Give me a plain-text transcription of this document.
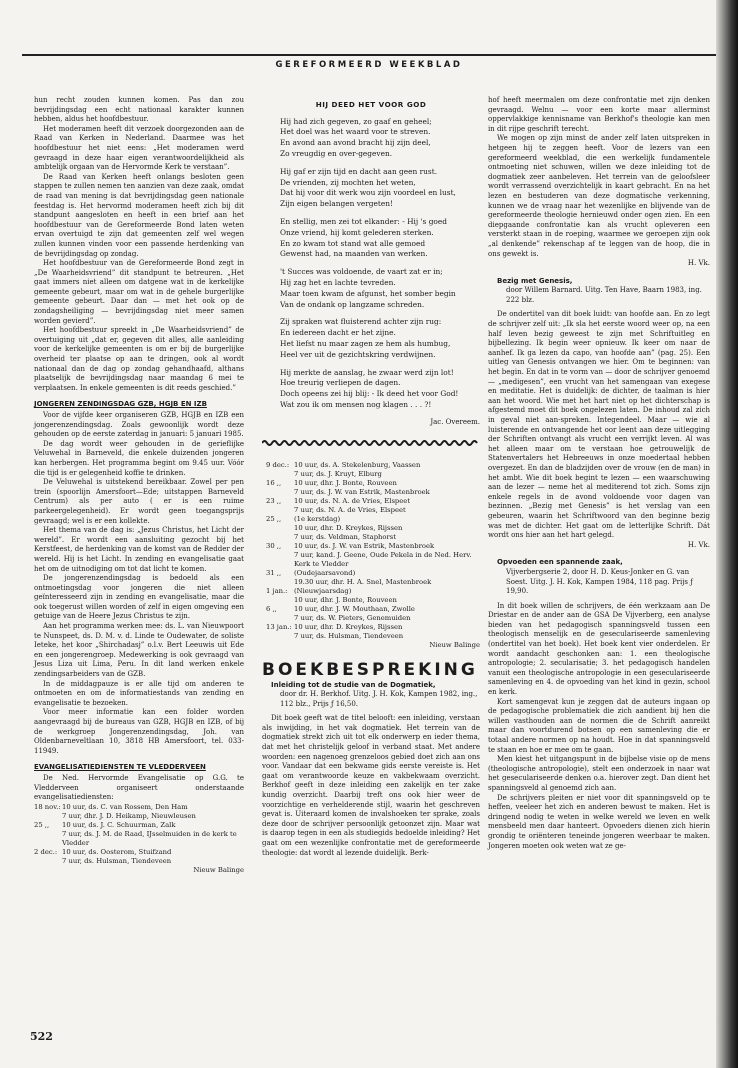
GEREFORMEERD WEEKBLAD

hun recht zouden kunnen komen. Pas dan zou bevrijdingsdag een echt nationaal karakter kunnen hebben, aldus het hoofdbestuur.

Het moderamen heeft dit verzoek doorgezonden aan de Raad van Kerken in Nederland. Daarmee was het hoofdbestuur het niet eens: „Het moderamen werd gevraagd in deze haar eigen verantwoordelijkheid als ambtelijk orgaan van de Hervormde Kerk te verstaan”.

De Raad van Kerken heeft onlangs besloten geen stappen te zullen nemen ten aanzien van deze zaak, omdat de raad van mening is dat bevrijdingsdag geen nationale feestdag is. Het hervormd moderamen heeft zich bij dit standpunt aangesloten en heeft in een brief aan het hoofdbestuur van de Gereformeerde Bond laten weten ervan overtuigd te zijn dat gemeenten zelf wel wegen zullen kunnen vinden voor een passende herdenking van de bevrijdingsdag op zondag.

Het hoofdbestuur van de Gereformeerde Bond zegt in „De Waarheidsvriend” dit standpunt te betreuren. „Het gaat immers niet alleen om datgene wat in de kerkelijke gemeente gebeurt, maar om wat in de gehele burgerlijke gemeente gebeurt. Daar dan — met het ook op de zondagsheiliging — bevrijdingsdag niet meer samen worden gevierd”.

Het hoofdbestuur spreekt in „De Waarheidsvriend” de overtuiging uit „dat er, gegeven dit alles, alle aanleiding voor de kerkelijke gemeenten is om er bij de burgerlijke overheid ter plaatse op aan te dringen, ook al wordt nationaal dan de dag op zondag gehandhaafd, althans plaatselijk de bevrijdingsdag naar maandag 6 mei te verplaatsen. In enkele gemeenten is dit reeds geschied.”

JONGEREN ZENDINGSDAG GZB, HGJB EN IZB

Voor de vijfde keer organiseren GZB, HGJB en IZB een jongerenzendingsdag. Zoals gewoonlijk wordt deze gehouden op de eerste zaterdag in januari: 5 januari 1985.

De dag wordt weer gehouden in de gerieflijke Veluwehal in Barneveld, die enkele duizenden jongeren kan herbergen. Het programma begint om 9.45 uur. Vóór die tijd is er gelegenheid koffie te drinken.

De Veluwehal is uitstekend bereikbaar. Zowel per pen trein (spoorlijn Amersfoort—Ede; uitstappen Barneveld Centrum) als per auto ( er is een ruime parkeergelegenheid). Er wordt geen toegangsprijs gevraagd; wel is er een kollekte.

Het thema van de dag is: „Jezus Christus, het Licht der wereld”. Er wordt een aansluiting gezocht bij het Kerstfeest, de herdenking van de komst van de Redder der wereld. Hij is het Licht. In zending en evangelisatie gaat het om de uitnodiging om tot dat licht te komen.

De jongerenzendingsdag is bedoeld als een ontmoetingsdag voor jongeren die niet alleen geïnteresseerd zijn in zending en evangelisatie, maar die ook toegerust willen worden of zelf in eigen omgeving een getuige van de Heere Jezus Christus te zijn.

Aan het programma werken mee: ds. L. van Nieuwpoort te Nunspeet, ds. D. M. v. d. Linde te Oudewater, de soliste Ieteke, het koor „Shirchadasj” o.l.v. Bert Leeuwis uit Ede en een jongerengroep. Medewerking is ook gevraagd van Jesus Liza uit Lima, Peru. In dit land werken enkele zendingsarbeiders van de GZB.

In de middagpauze is er alle tijd om anderen te ontmoeten en om de informatiestands van zending en evangelisatie te bezoeken.

Voor meer informatie kan een folder worden aangevraagd bij de bureaus van GZB, HGJB en IZB, of bij de werkgroep Jongerenzendingsdag, Joh. van Oldenbarneveltlaan 10, 3818 HB Amersfoort, tel. 033-11949.

EVANGELISATIEDIENSTEN TE VLEDDERVEEN

De Ned. Hervormde Evangelisatie op G.G. te Vledderveen organiseert onderstaande evangelisatiediensten:

18 nov.: 10 uur, ds. C. van Rossem, Den Ham
7 uur, dhr. J. D. Heikamp, Nieuwleusen
25 ,,	10 uur, ds. J. C. Schuurman, Zalk
7 uur, ds. J. M. de Raad, IJsselmuiden in de kerk te Vledder
2 dec.: 10 uur, ds. Oosterom, Stuifzand
7 uur, ds. Hulsman, Tiendeveen
Nieuw Balinge
HIJ DEED HET VOOR GOD
Hij had zich gegeven, zo gaaf en geheel;
Het doel was het waard voor te streven.
En avond aan avond bracht hij zijn deel,
Zo vreugdig en over-gegeven.
Hij gaf er zijn tijd en dacht aan geen rust.
De vrienden, zij mochten het weten,
Dat hij voor dit werk wou zijn voordeel en lust,
Zijn eigen belangen vergeten!
En stellig, men zei tot elkander: - Hij 's goed
Onze vriend, hij komt gelederen sterken.
En zo kwam tot stand wat alle gemoed
Gewenst had, na maanden van werken.
't Succes was voldoende, de vaart zat er in;
Hij zag het en lachte tevreden.
Maar toen kwam de afgunst, het somber begin
Van de ondank op langzame schreden.
Zij spraken wat fluisterend achter zijn rug:
En iedereen dacht er het zijne.
Het liefst nu maar zagen ze hem als humbug,
Heel ver uit de gezichtskring verdwijnen.
Hij merkte de aanslag, he zwaar werd zijn lot!
Hoe treurig verliepen de dagen.
Doch opeens zei hij blij: - Ik deed het voor God!
Wat zou ik om mensen nog klagen . . . ?!
Jac. Overeem.
9 dec.: 10 uur, ds. A. Stekelenburg, Vaassen
7 uur, ds. J. Kruyt, Elburg
16 ,,	10 uur, dhr. J. Bonte, Rouveen
7 uur, ds. J. W. van Estrik, Mastenbroek
23 ,,	10 uur, ds. N. A. de Vries, Elspeet
7 uur, ds. N. A. de Vries, Elspeet
25 ,,	(1e kerstdag)
10 uur, dhr. D. Kreykes, Rijssen
7 uur, ds. Veldman, Staphorst
30 ,,	10 uur, ds. J. W. van Estrik, Mastenbroek
7 uur, kand. J. Geene, Oude Pekela in de Ned. Herv. Kerk te Vledder
31 ,,	(Oudejaarsavond)
19.30 uur, dhr. H. A. Snel, Mastenbroek
1 jan.: (Nieuwjaarsdag)
10 uur, dhr. J. Bonte, Rouveen
6 ,,	10 uur, dhr. J. W. Mouthaan, Zwolle
7 uur, ds. W. Pieters, Genemuiden
13 jan.: 10 uur, dhr. D. Kreykes, Rijssen
7 uur, ds. Hulsman, Tiendeveen
Nieuw Balinge
BOEKBESPREKING
Inleiding tot de studie van de Dogmatiek,
door dr. H. Berkhof. Uitg. J. H. Kok, Kampen 1982, ing., 112 blz., Prijs ƒ 16,50.

Dit boek geeft wat de titel belooft: een inleiding, verstaan als inwijding, in het vak dogmatiek. Het terrein van de dogmatiek strekt zich uit tot elk onderwerp en ieder thema, dat met het christelijk geloof in verband staat. Met andere woorden: een nagenoeg grenzeloos gebied doet zich aan ons voor. Vandaar dat een bekwame gids eerste vereiste is. Het gaat om verantwoorde keuze en vakbekwaam overzicht. Berkhof geeft in deze inleiding een zakelijk en ter zake kundig overzicht. Daarbij treft ons ook hier weer de voorzichtige en verhelderende stijl, waarin het geschreven gevat is. Uiteraard komen de invalshoeken ter sprake, zoals deze door de schrijver persoonlijk getoonzet zijn. Maar wat is daarop tegen in een als studiegids bedoelde inleiding? Het gaat om een wezenlijke confrontatie met de gereformeerde theologie: dat wordt al lezende duidelijk. Berk-

hof heeft meermalen om deze confrontatie met zijn denken gevraagd. Welnu — voor een korte maar allerminst oppervlakkige kennisname van Berkhof's theologie kan men in dit rijpe geschrift terecht.

We mogen op zijn minst de ander zelf laten uitspreken in hetgeen hij te zeggen heeft. Voor de lezers van een gereformeerd weekblad, die een werkelijk fundamentele ontmoeting niet schuwen, willen we deze inleiding tot de dogmatiek zeer aanbeleven. Het terrein van de geloofsleer wordt verrassend overzichtelijk in kaart gebracht. En na het lezen en bestuderen van deze dogmatische verkenning, kunnen we de vraag naar het wezenlijke en blijvende van de gereformeerde theologie hernieuwd onder ogen zien. En een diepgaande confrontatie kan als vrucht opleveren een versterkt staan in de roeping, waarmee we geroepen zijn ook „al denkende” rekenschap af te leggen van de hoop, die in ons gewekt is.

H. Vk.
Bezig met Genesis,
door Willem Barnard. Uitg. Ten Have, Baarn 1983, ing. 222 blz.

De ondertitel van dit boek luidt: van hoofde aan. En zo legt de schrijver zelf uit: „Ik sla het eerste woord weer op, na een half leven bezig geweest te zijn met Schriftuitleg en bijbellezing. Ik begin weer opnieuw. Ik keer om naar de aanhef. Ik ga lezen da capo, van hoofde aan” (pag. 25). Een uitleg van Genesis ontvangen we hier. Om te beginnen: van het begin. En dat in te vorm van — door de schrijver genoemd — „medigesen”, een vrucht van het samengaan van exegese en meditatie. Het is duidelijk: de dichter, de taalman is hier aan het woord. Wie met het hart niet op het dichterschap is afgestemd moet dit boek ongelezen laten. De inhoud zal zich in geval niet aan-spreken. Integendeel. Maar — wie al luisterende en ontvangende het oor leent aan deze uitlegging der Schriften ontvangt als vrucht een verrijkt leven. Al was het alleen maar om te verstaan hoe getrouwelijk de Statenvertalers het Hebreeuws in onze moedertaal hebben overgezet. En dan de bladzijden over de vrouw (en de man) in het ambt. Wie dit boek begint te lezen — een waarschuwing aan de lezer — neme het al mediterend tot zich. Soms zijn enkele regels in de avond voldoende voor dagen van bezinnen. „Bezig met Genesis” is het verslag van een gebeuren, waarin het Schriftwoord van den beginne bezig was met de dichter. Het gaat om de letterlijke Schrift. Dát wordt ons hier aan het hart gelegd.

H. Vk.
Opvoeden een spannende zaak,
Vijverbergserie 2, door H. D. Keus-Jonker en G. van Soest. Uitg. J. H. Kok, Kampen 1984, 118 pag. Prijs ƒ 19,90.

In dit boek willen de schrijvers, de één werkzaam aan De Driestar en de ander aan de GSA De Vijverberg, een analyse bieden van het pedagogisch spanningsveld tussen een theologisch menselijk en de geseculariseerde samenleving (ondertitel van het boek). Het boek kent vier onderdelen. Er wordt aandacht geschonken aan: 1. een theologische antropologie; 2. secularisatie; 3. het pedagogisch handelen vanuit een theologische antropologie in een geseculariseerde samenleving en 4. de opvoeding van het kind in gezin, school en kerk.

Kort samengevat kun je zeggen dat de auteurs ingaan op de pedagogische problematiek die zich aandient bij hen die willen vasthouden aan de normen die de Schrift aanreikt maar dan voortdurend botsen op een samenleving die er totaal andere normen op na houdt. Hoe in dat spanningsveld te staan en hoe er mee om te gaan.

Men kiest het uitgangspunt in de bijbelse visie op de mens (theologische antropologie), stelt een onderzoek in naar wat het geseculariseerde denken o.a. hierover zegt. Dan dient het spanningsveld al genoemd zich aan.

De schrijvers pleiten er niet voor dit spanningsveld op te heffen, veeleer het zich en anderen bewust te maken. Het is dringend nodig te weten in welke wereld we leven en welk mensbeeld men daar hanteert. Opvoeders dienen zich hierin grondig te oriënteren teneinde jongeren weerbaar te maken. Jongeren moeten ook weten wat ze ge-

522
